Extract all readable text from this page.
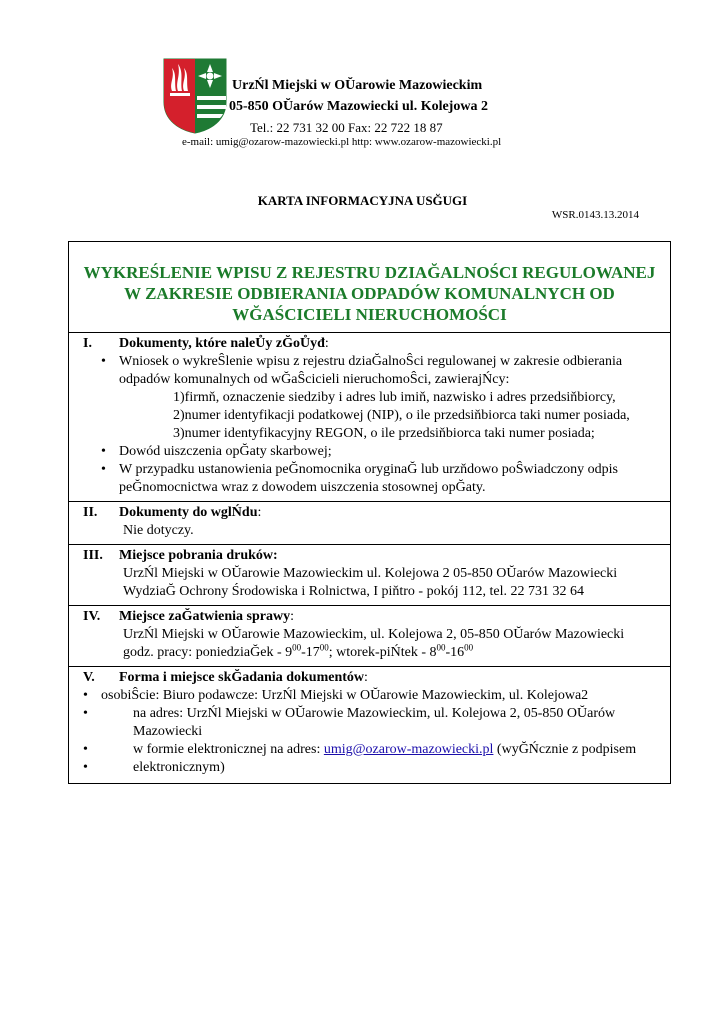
UrzŃl Miejski w OŬarowie Mazowieckim
05-850 OŬarów Mazowiecki ul. Kolejowa 2
Tel.: 22 731 32 00 Fax: 22 722 18 87
e-mail: umig@ozarow-mazowiecki.pl http: www.ozarow-mazowiecki.pl
KARTA INFORMACYJNA USĞUGI
WSR.0143.13.2014
WYKREŚLENIE WPISU Z REJESTRU DZIAĞALNOŚCI REGULOWANEJ
W ZAKRESIE ODBIERANIA ODPADÓW KOMUNALNYCH OD
WĞAŚCICIELI NIERUCHOMOŚCI

I.	Dokumenty, które naleŮy zĞoŮyđ:
• Wniosek o wykreŜlenie wpisu z rejestru dziaĞalnoŜci regulowanej w zakresie odbierania odpadów komunalnych od wĞaŜcicieli nieruchomoŜci, zawierajŃcy:
1)firmň, oznaczenie siedziby i adres lub imiň, nazwisko i adres przedsiňbiorcy,
2)numer identyfikacji podatkowej (NIP), o ile przedsiňbiorca taki numer posiada,
3)numer identyfikacyjny REGON, o ile przedsiňbiorca taki numer posiada;
• Dowód uiszczenia opĞaty skarbowej;
• W przypadku ustanowienia peĞnomocnika oryginaĞ lub urzňdowo poŜwiadczony odpis peĞnomocnictwa wraz z dowodem uiszczenia stosownej opĞaty.

II.	Dokumenty do wglŃdu:
Nie dotyczy.

III.	Miejsce pobrania druków:
UrzŃl Miejski w OŬarowie Mazowieckim ul. Kolejowa 2 05-850 OŬarów Mazowiecki
WydziaĞ Ochrony Środowiska i Rolnictwa, I piňtro - pokój 112, tel. 22 731 32 64

IV.	Miejsce zaĞatwienia sprawy:
UrzŃl Miejski w OŬarowie Mazowieckim, ul. Kolejowa 2, 05-850 OŬarów Mazowiecki
godz. pracy: poniedziaĞek - $9^{00}-17^{00}$; wtorek-piŃtek - $8^{00}-16^{00}$

V.	Forma i miejsce skĞadania dokumentów:
• osobiŜcie: Biuro podawcze: UrzŃl Miejski w OŬarowie Mazowieckim, ul. Kolejowa2
• na adres: UrzŃl Miejski w OŬarowie Mazowieckim, ul. Kolejowa 2, 05-850 OŬarów Mazowiecki
• w formie elektronicznej na adres: umig@ozarow-mazowiecki.pl (wyĞŃcznie z podpisem
• elektronicznym)
